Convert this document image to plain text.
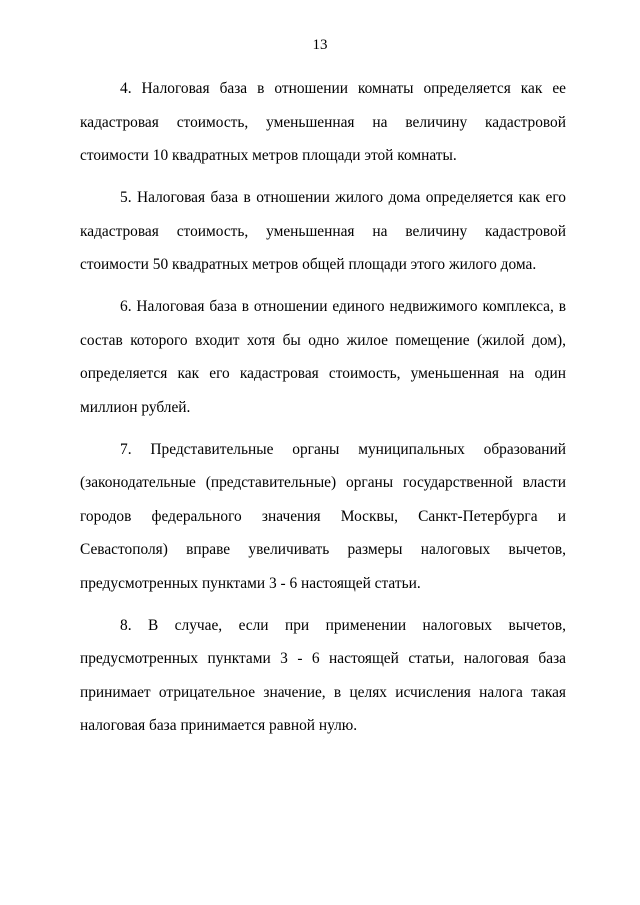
13

4. Налоговая база в отношении комнаты определяется как ее кадастровая стоимость, уменьшенная на величину кадастровой стоимости 10 квадратных метров площади этой комнаты.

5. Налоговая база в отношении жилого дома определяется как его кадастровая стоимость, уменьшенная на величину кадастровой стоимости 50 квадратных метров общей площади этого жилого дома.

6. Налоговая база в отношении единого недвижимого комплекса, в состав которого входит хотя бы одно жилое помещение (жилой дом), определяется как его кадастровая стоимость, уменьшенная на один миллион рублей.

7. Представительные органы муниципальных образований (законодательные (представительные) органы государственной власти городов федерального значения Москвы, Санкт-Петербурга и Севастополя) вправе увеличивать размеры налоговых вычетов, предусмотренных пунктами 3 - 6 настоящей статьи.

8. В случае, если при применении налоговых вычетов, предусмотренных пунктами 3 - 6 настоящей статьи, налоговая база принимает отрицательное значение, в целях исчисления налога такая налоговая база принимается равной нулю.
